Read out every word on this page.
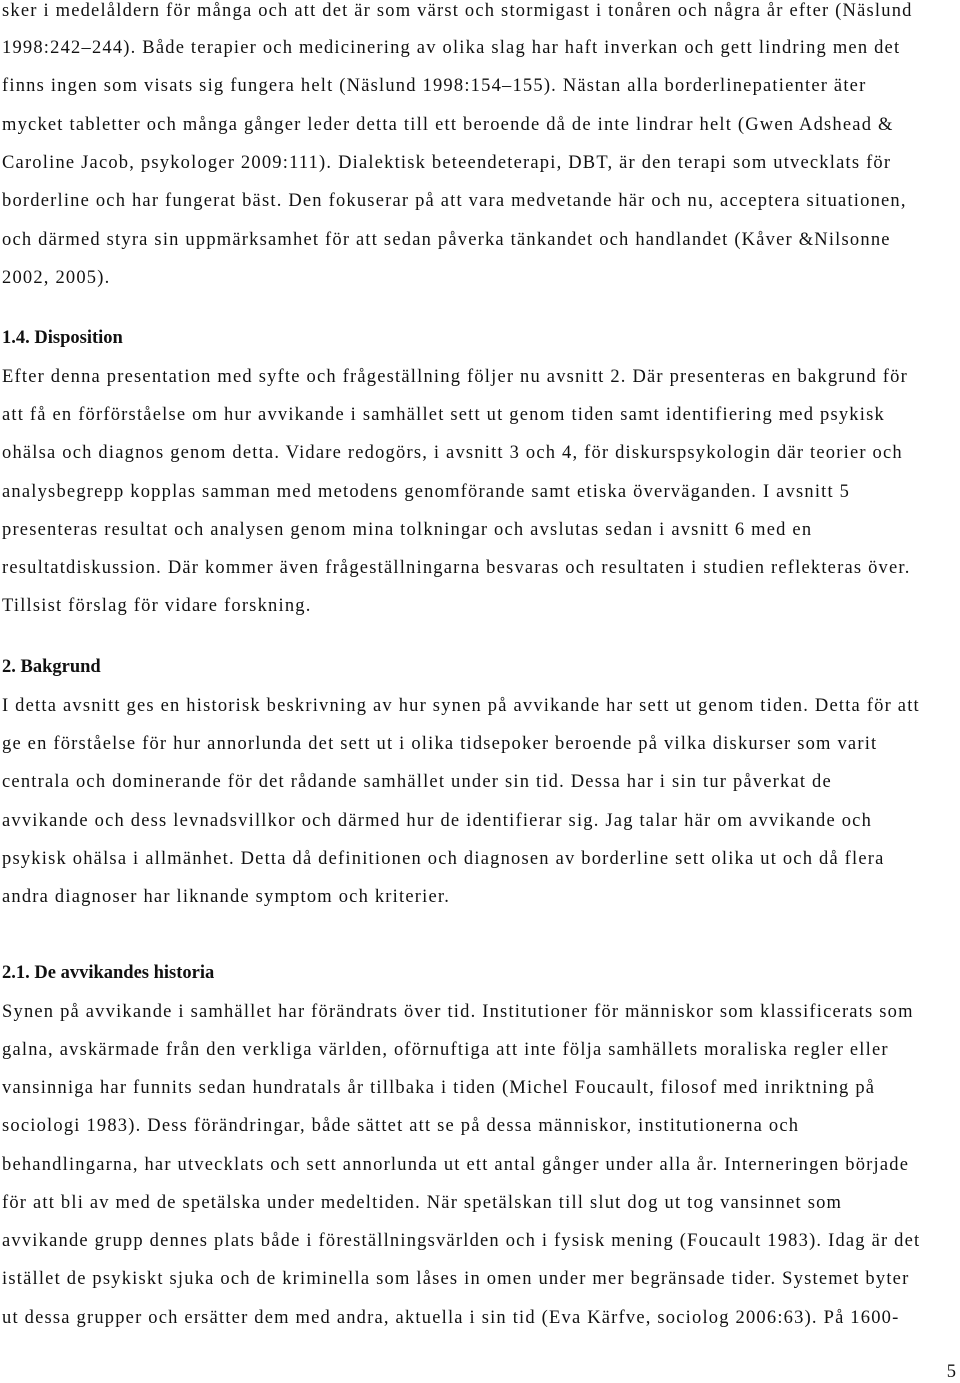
sker i medelåldern för många och att det är som värst och stormigast i tonåren och några år efter (Näslund
1998:242–244). Både terapier och medicinering av olika slag har haft inverkan och gett lindring men det
finns ingen som visats sig fungera helt (Näslund 1998:154–155). Nästan alla borderlinepatienter äter
mycket tabletter och många gånger leder detta till ett beroende då de inte lindrar helt (Gwen Adshead &
Caroline Jacob, psykologer 2009:111). Dialektisk beteendeterapi, DBT, är den terapi som utvecklats för
borderline och har fungerat bäst. Den fokuserar på att vara medvetande här och nu, acceptera situationen,
och därmed styra sin uppmärksamhet för att sedan påverka tänkandet och handlandet (Kåver &Nilsonne
2002, 2005).
1.4. Disposition
Efter denna presentation med syfte och frågeställning följer nu avsnitt 2. Där presenteras en bakgrund för
att få en förförståelse om hur avvikande i samhället sett ut genom tiden samt identifiering med psykisk
ohälsa och diagnos genom detta. Vidare redogörs, i avsnitt 3 och 4, för diskurspsykologin där teorier och
analysbegrepp kopplas samman med metodens genomförande samt etiska överväganden. I avsnitt 5
presenteras resultat och analysen genom mina tolkningar och avslutas sedan i avsnitt 6 med en
resultatdiskussion. Där kommer även frågeställningarna besvaras och resultaten i studien reflekteras över.
Tillsist förslag för vidare forskning.
2. Bakgrund
I detta avsnitt ges en historisk beskrivning av hur synen på avvikande har sett ut genom tiden. Detta för att
ge en förståelse för hur annorlunda det sett ut i olika tidsepoker beroende på vilka diskurser som varit
centrala och dominerande för det rådande samhället under sin tid. Dessa har i sin tur påverkat de
avvikande och dess levnadsvillkor och därmed hur de identifierar sig. Jag talar här om avvikande och
psykisk ohälsa i allmänhet. Detta då definitionen och diagnosen av borderline sett olika ut och då flera
andra diagnoser har liknande symptom och kriterier.
2.1. De avvikandes historia
Synen på avvikande i samhället har förändrats över tid. Institutioner för människor som klassificerats som
galna, avskärmade från den verkliga världen, oförnuftiga att inte följa samhällets moraliska regler eller
vansinniga har funnits sedan hundratals år tillbaka i tiden (Michel Foucault, filosof med inriktning på
sociologi 1983). Dess förändringar, både sättet att se på dessa människor, institutionerna och
behandlingarna, har utvecklats och sett annorlunda ut ett antal gånger under alla år. Interneringen började
för att bli av med de spetälska under medeltiden. När spetälskan till slut dog ut tog vansinnet som
avvikande grupp dennes plats både i föreställningsvärlden och i fysisk mening (Foucault 1983). Idag är det
istället de psykiskt sjuka och de kriminella som låses in omen under mer begränsade tider. Systemet byter
ut dessa grupper och ersätter dem med andra, aktuella i sin tid (Eva Kärfve, sociolog 2006:63). På 1600-
5
